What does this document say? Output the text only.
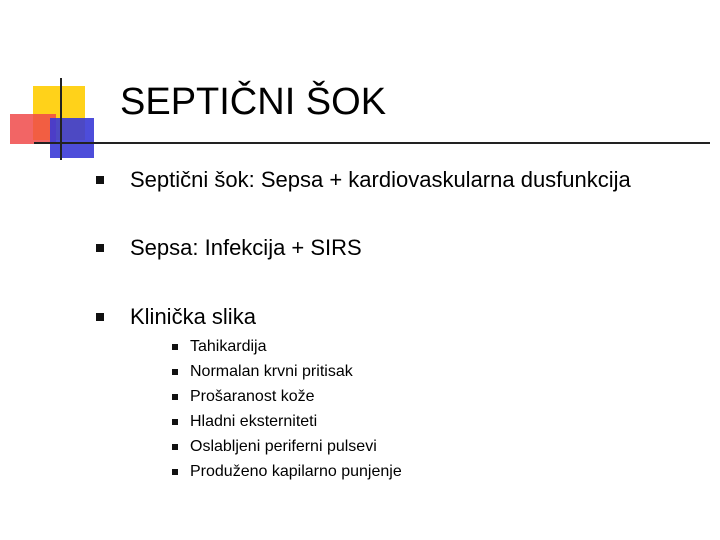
SEPTIČNI ŠOK
Septični šok: Sepsa + kardiovaskularna dusfunkcija
Sepsa: Infekcija + SIRS
Klinička slika
Tahikardija
Normalan krvni pritisak
Prošaranost kože
Hladni eksterniteti
Oslabljeni periferni pulsevi
Produženo kapilarno punjenje
